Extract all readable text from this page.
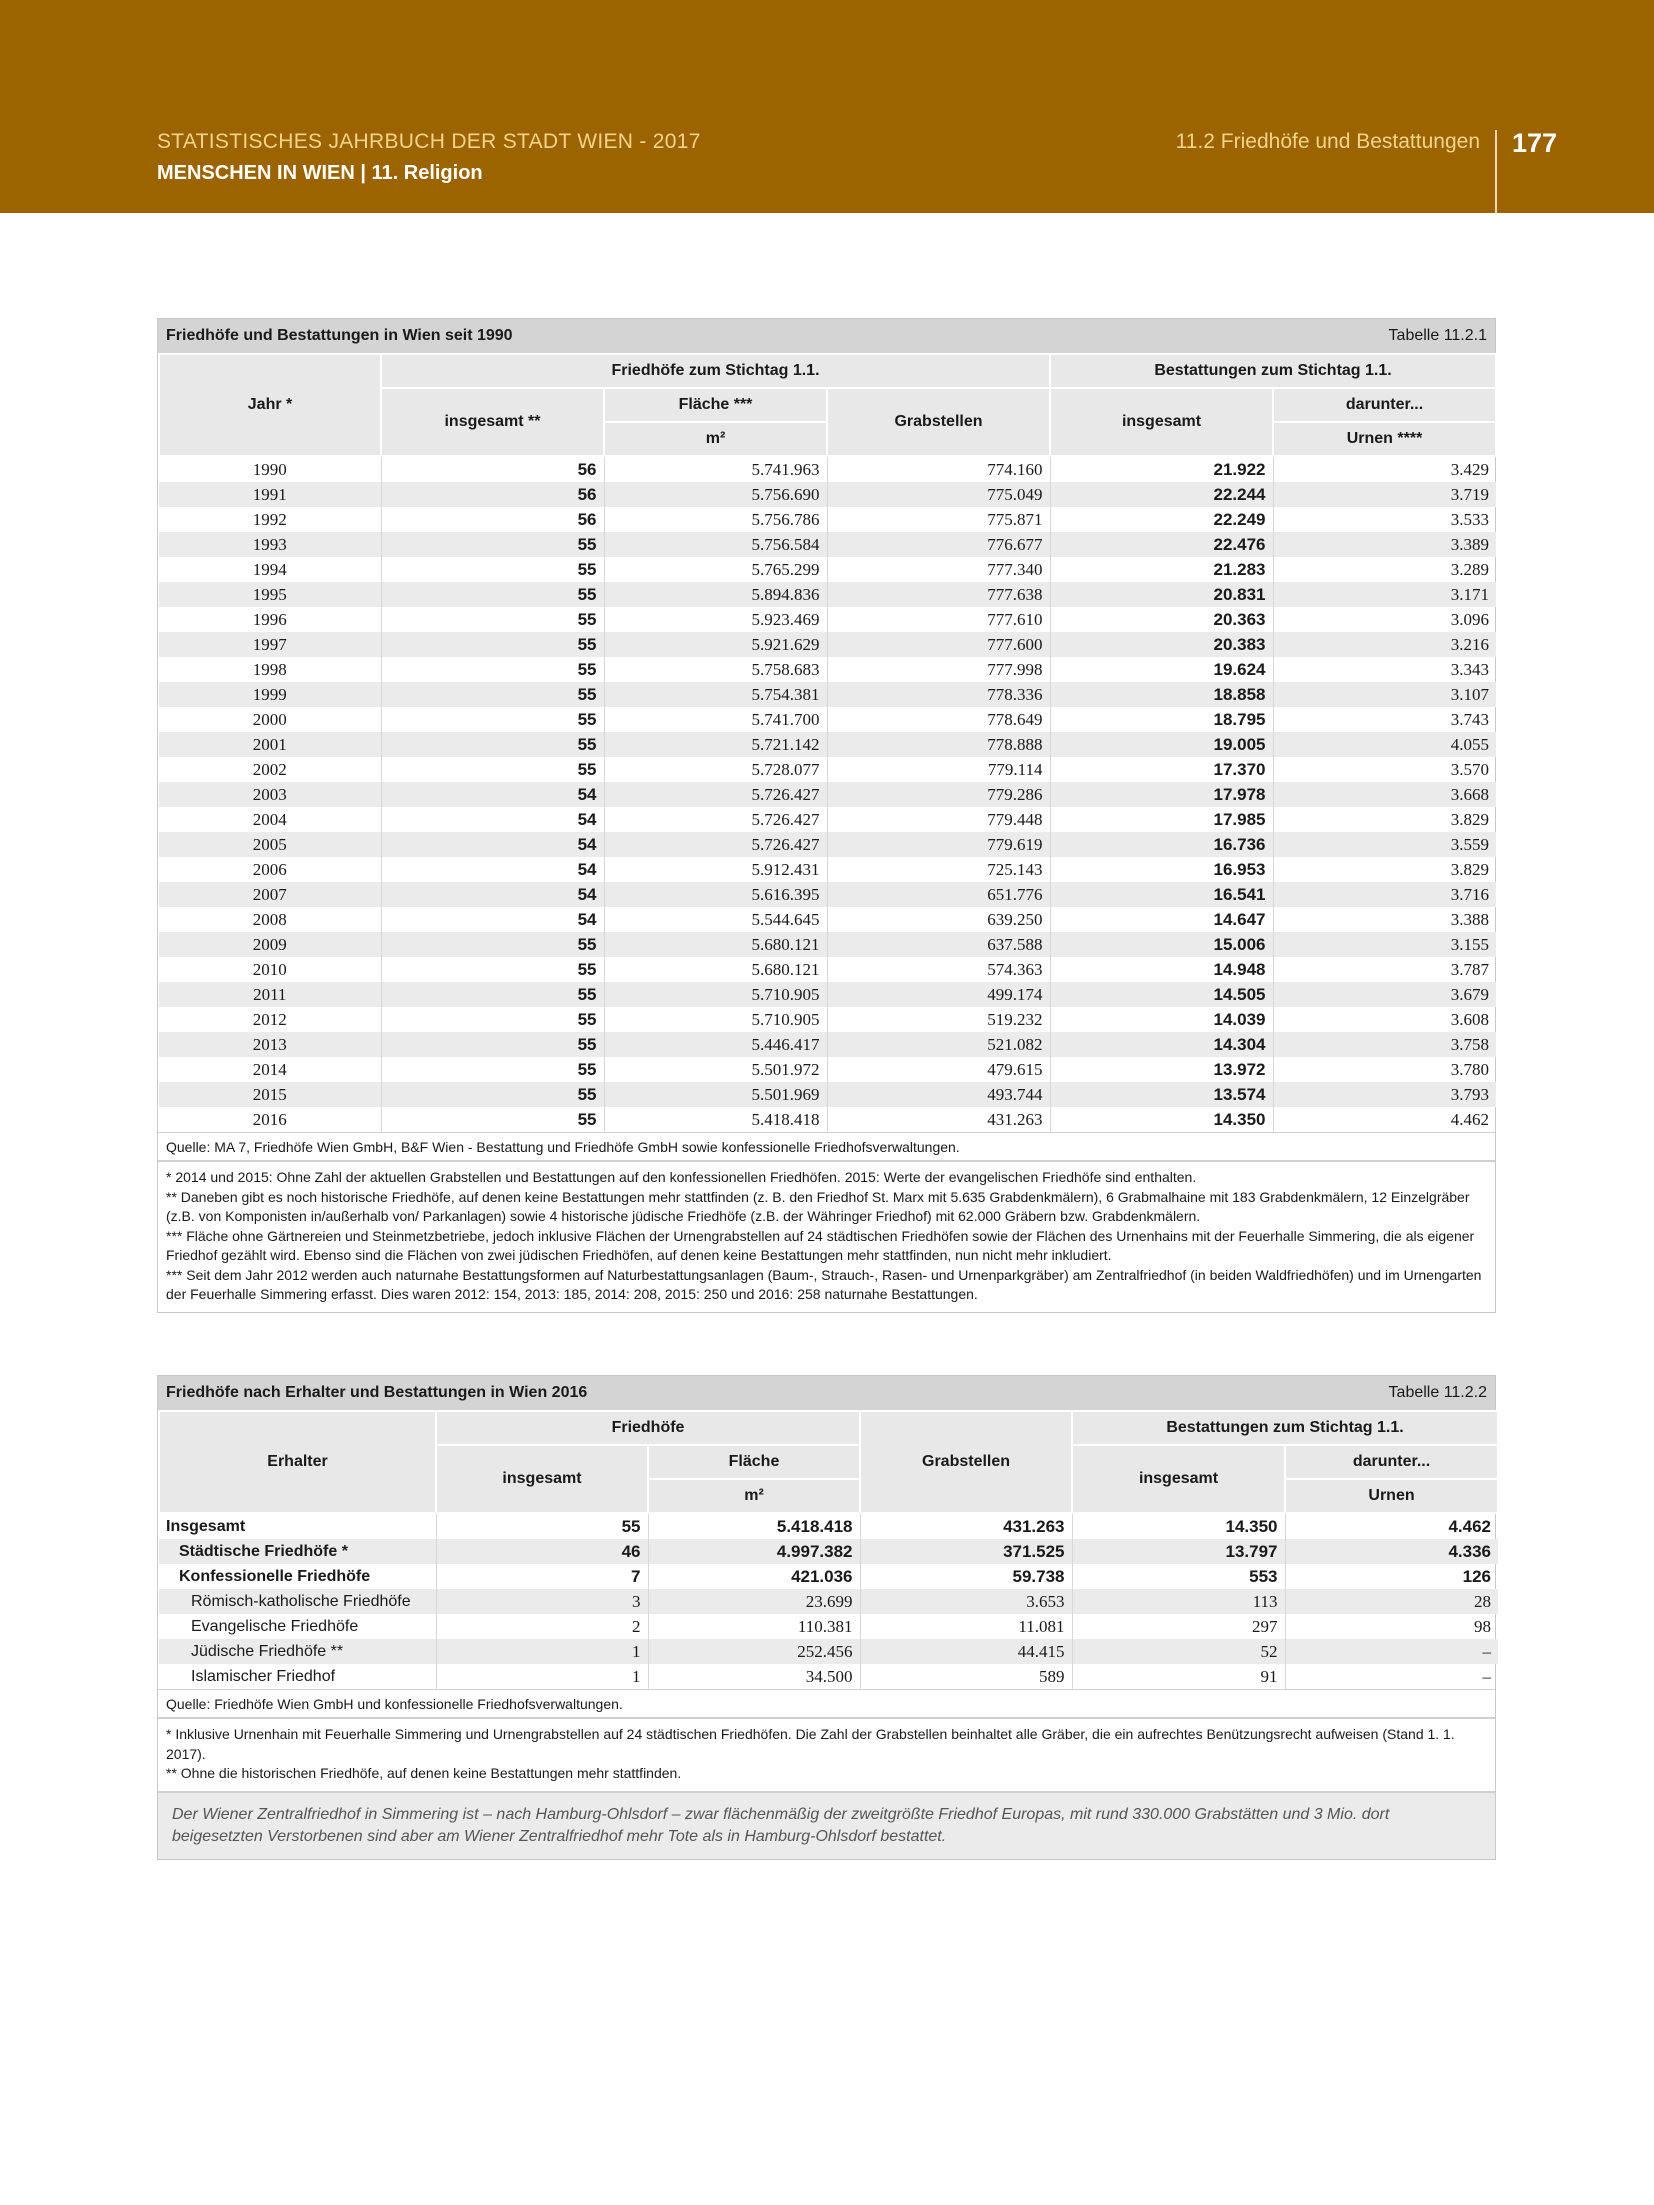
STATISTISCHES JAHRBUCH DER STADT WIEN - 2017
MENSCHEN IN WIEN | 11. Religion
11.2 Friedhöfe und Bestattungen 177
Friedhöfe und Bestattungen in Wien seit 1990	Tabelle 11.2.1
Jahr *	Friedhöfe zum Stichtag 1.1.			Bestattungen zum Stichtag 1.1.	
	insgesamt **	Fläche ***	Grabstellen	insgesamt	darunter...
		m²			Urnen ****
1990	56	5.741.963	774.160	21.922	3.429
1991	56	5.756.690	775.049	22.244	3.719
1992	56	5.756.786	775.871	22.249	3.533
1993	55	5.756.584	776.677	22.476	3.389
1994	55	5.765.299	777.340	21.283	3.289
1995	55	5.894.836	777.638	20.831	3.171
1996	55	5.923.469	777.610	20.363	3.096
1997	55	5.921.629	777.600	20.383	3.216
1998	55	5.758.683	777.998	19.624	3.343
1999	55	5.754.381	778.336	18.858	3.107
2000	55	5.741.700	778.649	18.795	3.743
2001	55	5.721.142	778.888	19.005	4.055
2002	55	5.728.077	779.114	17.370	3.570
2003	54	5.726.427	779.286	17.978	3.668
2004	54	5.726.427	779.448	17.985	3.829
2005	54	5.726.427	779.619	16.736	3.559
2006	54	5.912.431	725.143	16.953	3.829
2007	54	5.616.395	651.776	16.541	3.716
2008	54	5.544.645	639.250	14.647	3.388
2009	55	5.680.121	637.588	15.006	3.155
2010	55	5.680.121	574.363	14.948	3.787
2011	55	5.710.905	499.174	14.505	3.679
2012	55	5.710.905	519.232	14.039	3.608
2013	55	5.446.417	521.082	14.304	3.758
2014	55	5.501.972	479.615	13.972	3.780
2015	55	5.501.969	493.744	13.574	3.793
2016	55	5.418.418	431.263	14.350	4.462
Quelle: MA 7, Friedhöfe Wien GmbH, B&F Wien - Bestattung und Friedhöfe GmbH sowie konfessionelle Friedhofsverwaltungen.
* 2014 und 2015: Ohne Zahl der aktuellen Grabstellen und Bestattungen auf den konfessionellen Friedhöfen. 2015: Werte der evangelischen Friedhöfe sind enthalten.
** Daneben gibt es noch historische Friedhöfe, auf denen keine Bestattungen mehr stattfinden (z. B. den Friedhof St. Marx mit 5.635 Grabdenkmälern), 6 Grabmalhaine mit 183 Grabdenkmälern, 12 Einzelgräber (z.B. von Komponisten in/außerhalb von/ Parkanlagen) sowie 4 historische jüdische Friedhöfe (z.B. der Währinger Friedhof) mit 62.000 Gräbern bzw. Grabdenkmälern.
*** Fläche ohne Gärtnereien und Steinmetzbetriebe, jedoch inklusive Flächen der Urnengrabstellen auf 24 städtischen Friedhöfen sowie der Flächen des Urnenhains mit der Feuerhalle Simmering, die als eigener Friedhof gezählt wird. Ebenso sind die Flächen von zwei jüdischen Friedhöfen, auf denen keine Bestattungen mehr stattfinden, nun nicht mehr inkludiert.
*** Seit dem Jahr 2012 werden auch naturnahe Bestattungsformen auf Naturbestattungsanlagen (Baum-, Strauch-, Rasen- und Urnenparkgräber) am Zentralfriedhof (in beiden Waldfriedhöfen) und im Urnengarten der Feuerhalle Simmering erfasst. Dies waren 2012: 154, 2013: 185, 2014: 208, 2015: 250 und 2016: 258 naturnahe Bestattungen.
Friedhöfe nach Erhalter und Bestattungen in Wien 2016	Tabelle 11.2.2
Erhalter	Friedhöfe		Grabstellen	Bestattungen zum Stichtag 1.1.	
	insgesamt	Fläche		insgesamt	darunter...
		m²			Urnen
Insgesamt	55	5.418.418	431.263	14.350	4.462
Städtische Friedhöfe *	46	4.997.382	371.525	13.797	4.336
Konfessionelle Friedhöfe	7	421.036	59.738	553	126
Römisch-katholische Friedhöfe	3	23.699	3.653	113	28
Evangelische Friedhöfe	2	110.381	11.081	297	98
Jüdische Friedhöfe **	1	252.456	44.415	52	–
Islamischer Friedhof	1	34.500	589	91	–
Quelle: Friedhöfe Wien GmbH und konfessionelle Friedhofsverwaltungen.
* Inklusive Urnenhain mit Feuerhalle Simmering und Urnengrabstellen auf 24 städtischen Friedhöfen. Die Zahl der Grabstellen beinhaltet alle Gräber, die ein aufrechtes Benützungsrecht aufweisen (Stand 1. 1. 2017).
** Ohne die historischen Friedhöfe, auf denen keine Bestattungen mehr stattfinden.
Der Wiener Zentralfriedhof in Simmering ist – nach Hamburg-Ohlsdorf – zwar flächenmäßig der zweitgrößte Friedhof Europas, mit rund 330.000 Grabstätten und 3 Mio. dort beigesetzten Verstorbenen sind aber am Wiener Zentralfriedhof mehr Tote als in Hamburg-Ohlsdorf bestattet.
